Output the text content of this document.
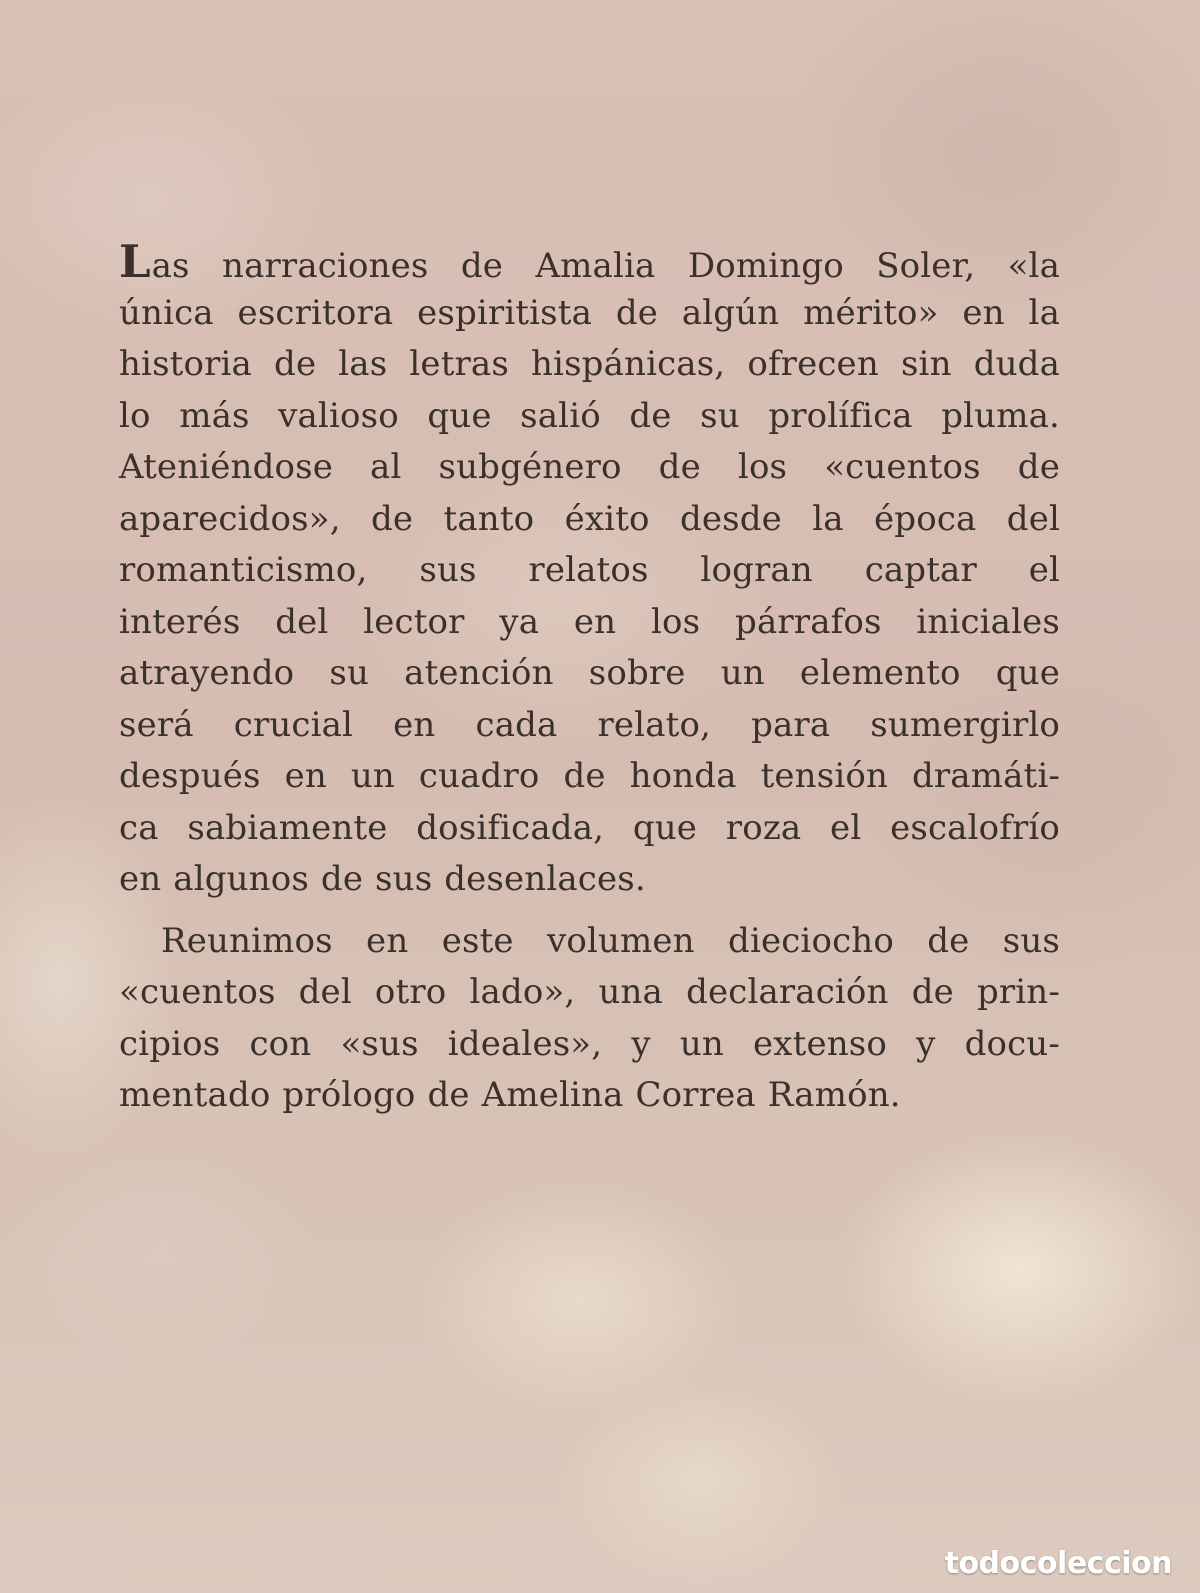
Las narraciones de Amalia Domingo Soler, «la
única escritora espiritista de algún mérito» en la
historia de las letras hispánicas, ofrecen sin duda
lo más valioso que salió de su prolífica pluma.
Ateniéndose al subgénero de los «cuentos de
aparecidos», de tanto éxito desde la época del
romanticismo, sus relatos logran captar el
interés del lector ya en los párrafos iniciales
atrayendo su atención sobre un elemento que
será crucial en cada relato, para sumergirlo
después en un cuadro de honda tensión dramáti-
ca sabiamente dosificada, que roza el escalofrío
en algunos de sus desenlaces.
Reunimos en este volumen dieciocho de sus
«cuentos del otro lado», una declaración de prin-
cipios con «sus ideales», y un extenso y docu-
mentado prólogo de Amelina Correa Ramón.
todocoleccion
